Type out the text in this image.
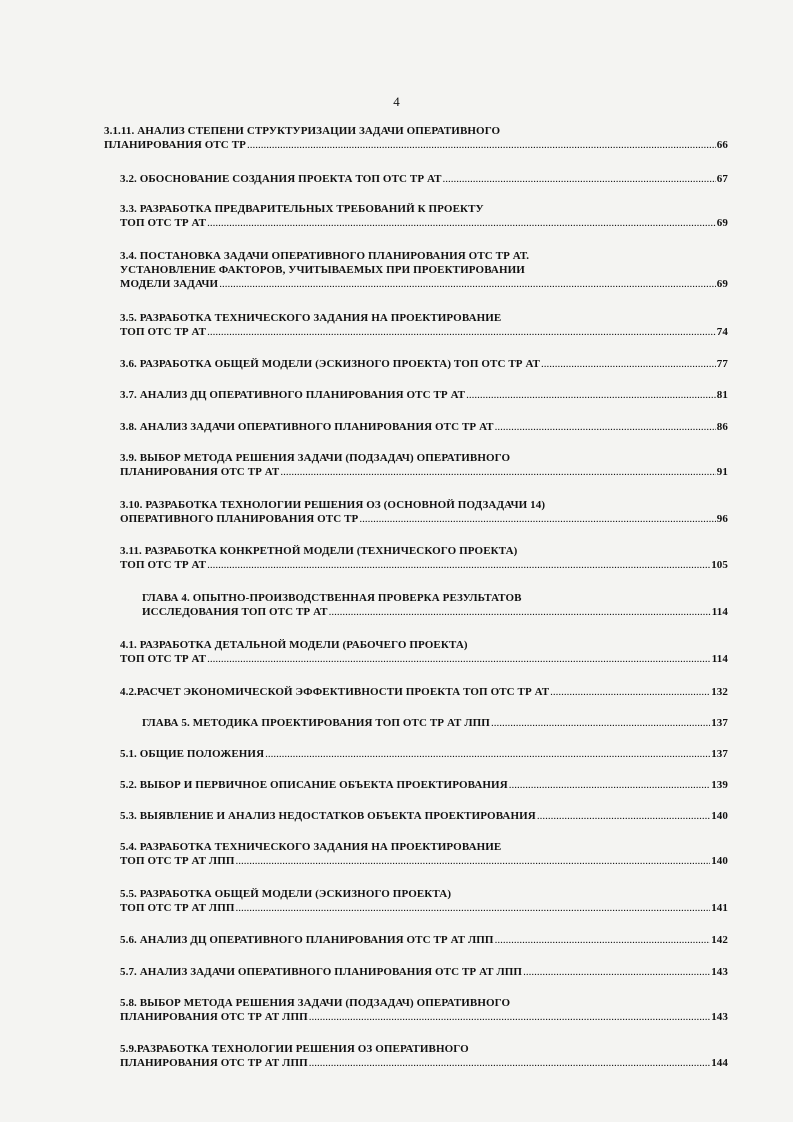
4
3.1.11. АНАЛИЗ СТЕПЕНИ СТРУКТУРИЗАЦИИ ЗАДАЧИ ОПЕРАТИВНОГО
ПЛАНИРОВАНИЯ ОТС ТР .....	66
3.2. ОБОСНОВАНИЕ СОЗДАНИЯ ПРОЕКТА ТОП ОТС ТР АТ .....	67
3.3. РАЗРАБОТКА ПРЕДВАРИТЕЛЬНЫХ ТРЕБОВАНИЙ К ПРОЕКТУ
ТОП ОТС ТР АТ .....	69
3.4. ПОСТАНОВКА ЗАДАЧИ ОПЕРАТИВНОГО ПЛАНИРОВАНИЯ ОТС ТР АТ.
УСТАНОВЛЕНИЕ ФАКТОРОВ, УЧИТЫВАЕМЫХ ПРИ ПРОЕКТИРОВАНИИ
МОДЕЛИ ЗАДАЧИ .....	69
3.5. РАЗРАБОТКА ТЕХНИЧЕСКОГО ЗАДАНИЯ НА ПРОЕКТИРОВАНИЕ
ТОП ОТС ТР АТ .....	74
3.6. РАЗРАБОТКА ОБЩЕЙ МОДЕЛИ (ЭСКИЗНОГО ПРОЕКТА) ТОП ОТС ТР АТ .....	77
3.7. АНАЛИЗ ДЦ ОПЕРАТИВНОГО ПЛАНИРОВАНИЯ ОТС ТР АТ .....	81
3.8. АНАЛИЗ ЗАДАЧИ ОПЕРАТИВНОГО ПЛАНИРОВАНИЯ ОТС ТР АТ .....	86
3.9. ВЫБОР МЕТОДА РЕШЕНИЯ ЗАДАЧИ (ПОДЗАДАЧ) ОПЕРАТИВНОГО
ПЛАНИРОВАНИЯ ОТС ТР АТ .....	91
3.10. РАЗРАБОТКА ТЕХНОЛОГИИ РЕШЕНИЯ ОЗ (ОСНОВНОЙ ПОДЗАДАЧИ 14)
ОПЕРАТИВНОГО ПЛАНИРОВАНИЯ ОТС ТР .....	96
3.11. РАЗРАБОТКА КОНКРЕТНОЙ МОДЕЛИ (ТЕХНИЧЕСКОГО ПРОЕКТА)
ТОП ОТС ТР АТ .....	105
ГЛАВА 4. ОПЫТНО-ПРОИЗВОДСТВЕННАЯ ПРОВЕРКА РЕЗУЛЬТАТОВ
ИССЛЕДОВАНИЯ ТОП ОТС ТР АТ .....	114
4.1. РАЗРАБОТКА ДЕТАЛЬНОЙ МОДЕЛИ (РАБОЧЕГО ПРОЕКТА)
ТОП ОТС ТР АТ .....	114
4.2.РАСЧЕТ ЭКОНОМИЧЕСКОЙ ЭФФЕКТИВНОСТИ ПРОЕКТА ТОП ОТС ТР АТ .....	132
ГЛАВА 5. МЕТОДИКА ПРОЕКТИРОВАНИЯ ТОП ОТС ТР АТ ЛПП .....	137
5.1. ОБЩИЕ ПОЛОЖЕНИЯ .....	137
5.2. ВЫБОР И ПЕРВИЧНОЕ ОПИСАНИЕ ОБЪЕКТА ПРОЕКТИРОВАНИЯ .....	139
5.3. ВЫЯВЛЕНИЕ И АНАЛИЗ НЕДОСТАТКОВ ОБЪЕКТА ПРОЕКТИРОВАНИЯ .....	140
5.4. РАЗРАБОТКА ТЕХНИЧЕСКОГО ЗАДАНИЯ НА ПРОЕКТИРОВАНИЕ
ТОП ОТС ТР АТ ЛПП .....	140
5.5. РАЗРАБОТКА ОБЩЕЙ МОДЕЛИ (ЭСКИЗНОГО ПРОЕКТА)
ТОП ОТС ТР АТ ЛПП .....	141
5.6. АНАЛИЗ ДЦ ОПЕРАТИВНОГО ПЛАНИРОВАНИЯ ОТС ТР АТ ЛПП .....	142
5.7. АНАЛИЗ ЗАДАЧИ ОПЕРАТИВНОГО ПЛАНИРОВАНИЯ ОТС ТР АТ ЛПП .....	143
5.8. ВЫБОР МЕТОДА РЕШЕНИЯ ЗАДАЧИ (ПОДЗАДАЧ) ОПЕРАТИВНОГО
ПЛАНИРОВАНИЯ ОТС ТР АТ ЛПП .....	143
5.9.РАЗРАБОТКА ТЕХНОЛОГИИ РЕШЕНИЯ ОЗ ОПЕРАТИВНОГО
ПЛАНИРОВАНИЯ ОТС ТР АТ ЛПП .....	144
